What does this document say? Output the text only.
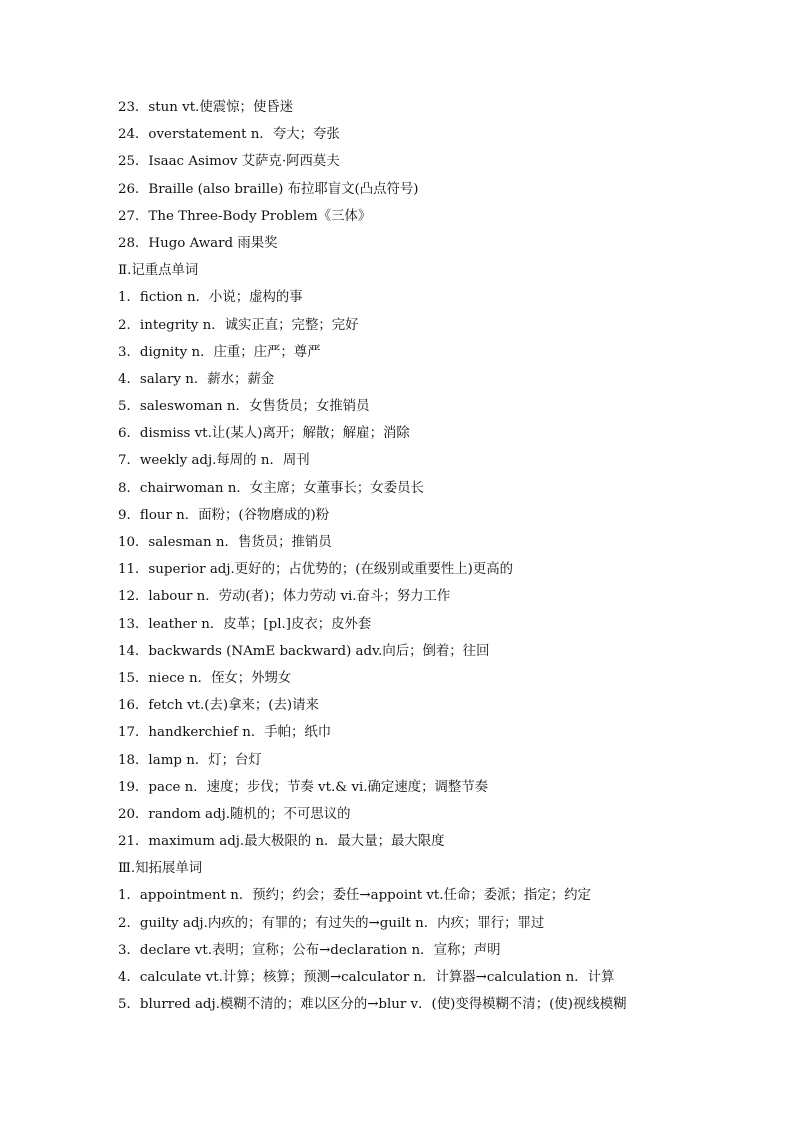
23．stun vt.使震惊；使昏迷
24．overstatement n．夸大；夸张
25．Isaac Asimov 艾萨克·阿西莫夫
26．Braille (also braille) 布拉耶盲文(凸点符号)
27．The Three-Body Problem《三体》
28．Hugo Award 雨果奖
Ⅱ.记重点单词
1．fiction n．小说；虚构的事
2．integrity n．诚实正直；完整；完好
3．dignity n．庄重；庄严；尊严
4．salary n．薪水；薪金
5．saleswoman n．女售货员；女推销员
6．dismiss vt.让(某人)离开；解散；解雇；消除
7．weekly adj.每周的 n．周刊
8．chairwoman n．女主席；女董事长；女委员长
9．flour n．面粉；(谷物磨成的)粉
10．salesman n．售货员；推销员
11．superior adj.更好的；占优势的；(在级别或重要性上)更高的
12．labour n．劳动(者)；体力劳动 vi.奋斗；努力工作
13．leather n．皮革；[pl.]皮衣；皮外套
14．backwards (NAmE backward) adv.向后；倒着；往回
15．niece n．侄女；外甥女
16．fetch vt.(去)拿来；(去)请来
17．handkerchief n．手帕；纸巾
18．lamp n．灯；台灯
19．pace n．速度；步伐；节奏 vt.& vi.确定速度；调整节奏
20．random adj.随机的；不可思议的
21．maximum adj.最大极限的 n．最大量；最大限度
Ⅲ.知拓展单词
1．appointment n．预约；约会；委任→appoint vt.任命；委派；指定；约定
2．guilty adj.内疚的；有罪的；有过失的→guilt n．内疚；罪行；罪过
3．declare vt.表明；宣称；公布→declaration n．宣称；声明
4．calculate vt.计算；核算；预测→calculator n．计算器→calculation n．计算
5．blurred adj.模糊不清的；难以区分的→blur v．(使)变得模糊不清；(使)视线模糊
